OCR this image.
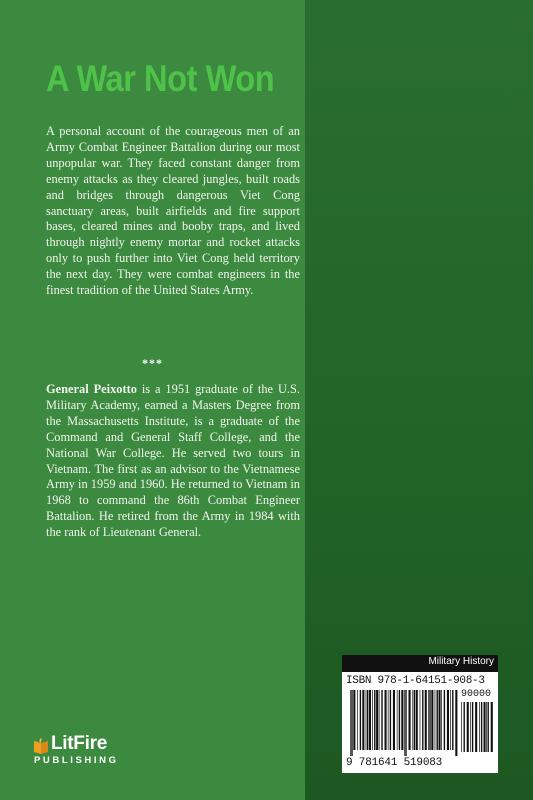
A War Not Won

A personal account of the courageous men of an Army Combat Engineer Battalion during our most unpopular war. They faced constant danger from enemy attacks as they cleared jungles, built roads and bridges through dangerous Viet Cong sanctuary areas, built airfields and fire support bases, cleared mines and booby traps, and lived through nightly enemy mortar and rocket attacks only to push further into Viet Cong held territory the next day. They were combat engineers in the finest tradition of the United States Army.

***

General Peixotto is a 1951 graduate of the U.S. Military Academy, earned a Masters Degree from the Massachusetts Institute, is a graduate of the Command and General Staff College, and the National War College. He served two tours in Vietnam. The first as an advisor to the Vietnamese Army in 1959 and 1960. He returned to Vietnam in 1968 to command the 86th Combat Engineer Battalion. He retired from the Army in 1984 with the rank of Lieutenant General.

LitFire
PUBLISHING
Military History
ISBN 978-1-64151-908-3
90000
9 781641 519083
